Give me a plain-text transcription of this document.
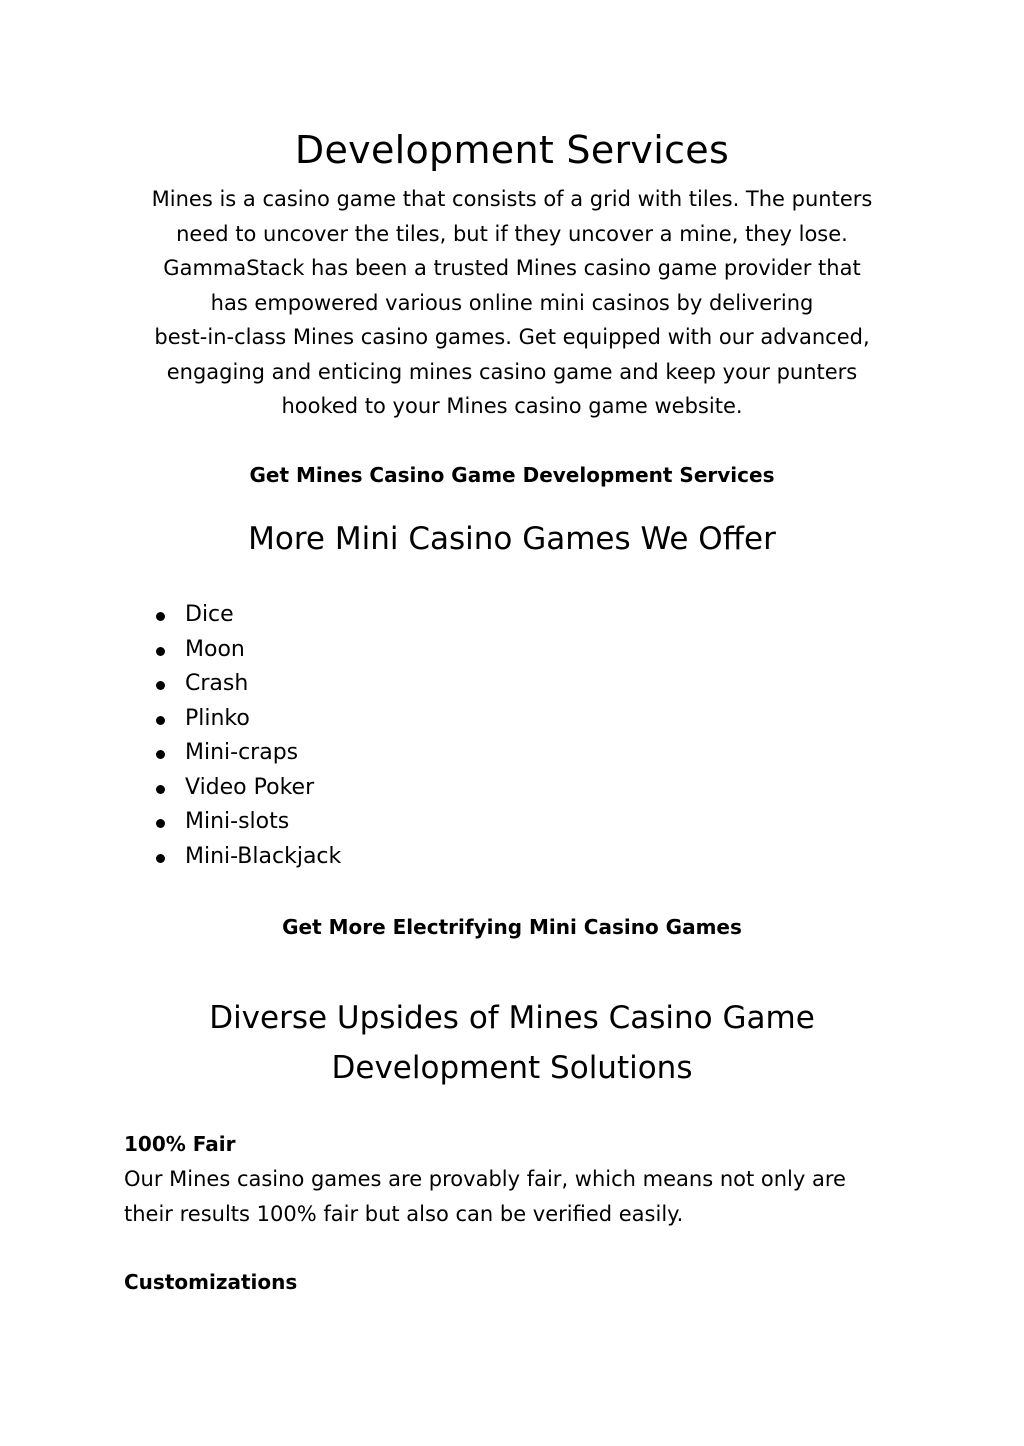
Development Services
Mines is a casino game that consists of a grid with tiles. The punters
need to uncover the tiles, but if they uncover a mine, they lose.
GammaStack has been a trusted Mines casino game provider that
has empowered various online mini casinos by delivering
best-in-class Mines casino games. Get equipped with our advanced,
engaging and enticing mines casino game and keep your punters
hooked to your Mines casino game website.
Get Mines Casino Game Development Services
More Mini Casino Games We Offer
Dice
Moon
Crash
Plinko
Mini-craps
Video Poker
Mini-slots
Mini-Blackjack
Get More Electrifying Mini Casino Games
Diverse Upsides of Mines Casino Game
Development Solutions
100% Fair
Our Mines casino games are provably fair, which means not only are
their results 100% fair but also can be verified easily.
Customizations
